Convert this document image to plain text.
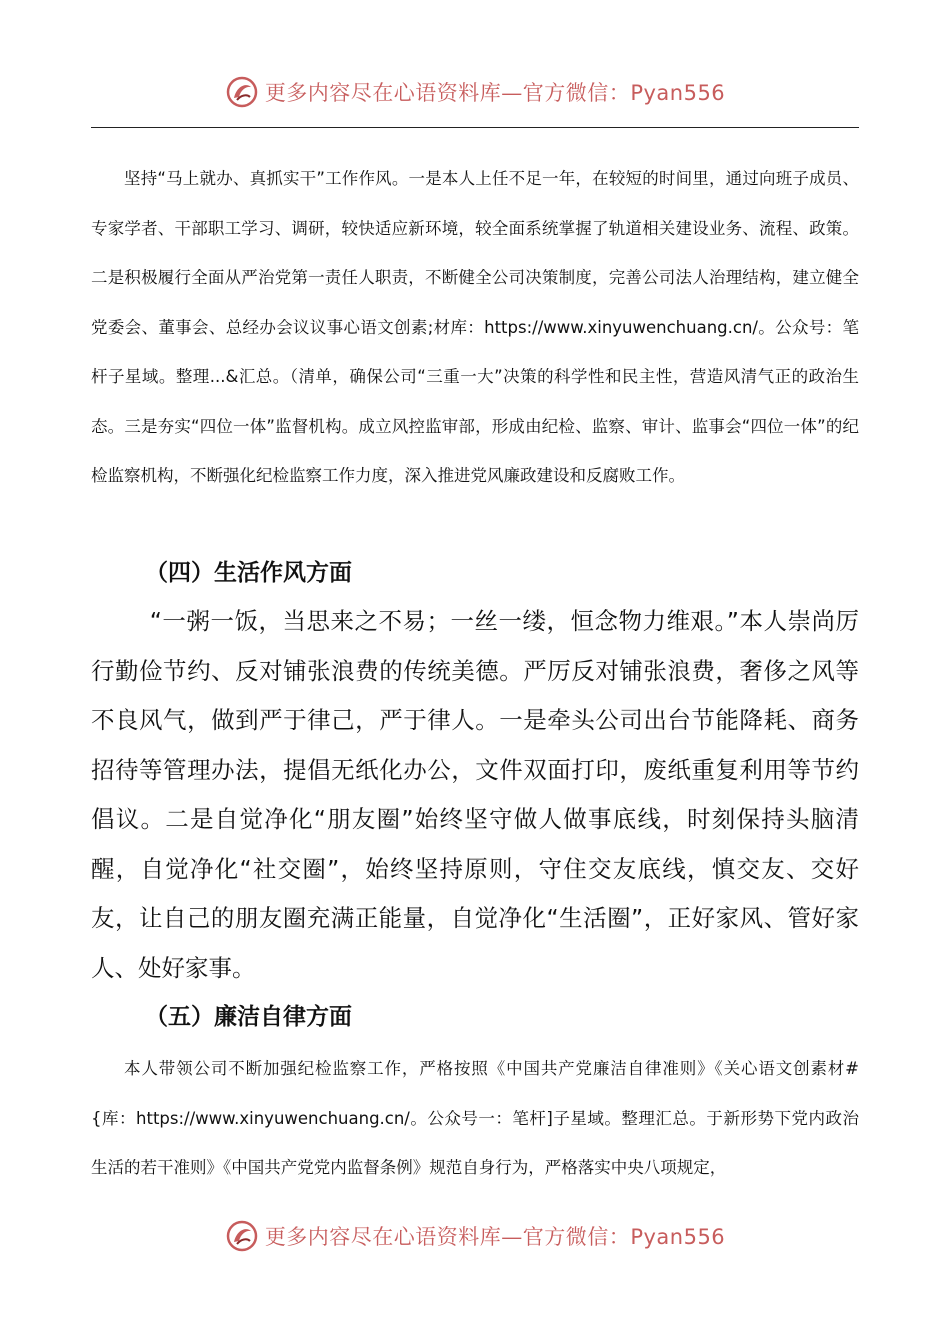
更多内容尽在心语资料库—官方微信：Pyan556

坚持“马上就办、真抓实干”工作作风。一是本人上任不足一年，在较短的时间里，通过向班子成员、专家学者、干部职工学习、调研，较快适应新环境，较全面系统掌握了轨道相关建设业务、流程、政策。二是积极履行全面从严治党第一责任人职责，不断健全公司决策制度，完善公司法人治理结构，建立健全党委会、董事会、总经办会议议事心语文创素;材库：https://www.xinyuwenchuang.cn/。公众号：笔杆子星域。整理...&汇总。（清单，确保公司“三重一大”决策的科学性和民主性，营造风清气正的政治生态。三是夯实“四位一体”监督机构。成立风控监审部，形成由纪检、监察、审计、监事会“四位一体”的纪检监察机构，不断强化纪检监察工作力度，深入推进党风廉政建设和反腐败工作。

（四）生活作风方面

“一粥一饭，当思来之不易；一丝一缕，恒念物力维艰。”本人崇尚厉行勤俭节约、反对铺张浪费的传统美德。严厉反对铺张浪费，奢侈之风等不良风气，做到严于律己，严于律人。一是牵头公司出台节能降耗、商务招待等管理办法，提倡无纸化办公，文件双面打印，废纸重复利用等节约倡议。二是自觉净化“朋友圈”始终坚守做人做事底线，时刻保持头脑清醒，自觉净化“社交圈”，始终坚持原则，守住交友底线，慎交友、交好友，让自己的朋友圈充满正能量，自觉净化“生活圈”，正好家风、管好家人、处好家事。

（五）廉洁自律方面

本人带领公司不断加强纪检监察工作，严格按照《中国共产党廉洁自律准则》《关心语文创素材#{库：https://www.xinyuwenchuang.cn/。公众号一：笔杆]子星域。整理汇总。于新形势下党内政治生活的若干准则》《中国共产党党内监督条例》规范自身行为，严格落实中央八项规定，

更多内容尽在心语资料库—官方微信：Pyan556
